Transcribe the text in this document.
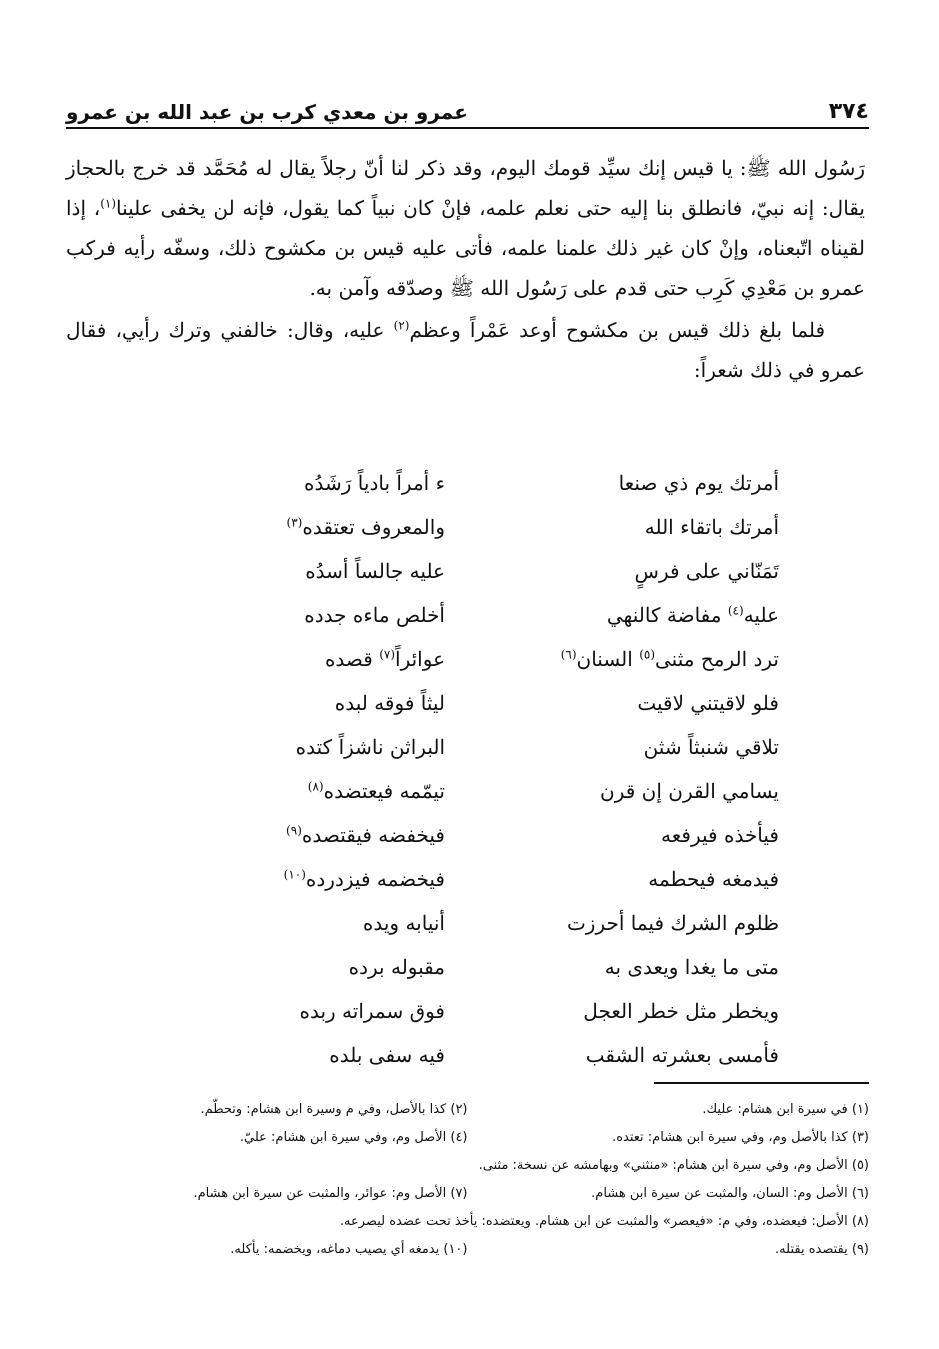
٣٧٤
عمرو بن معدي كرب بن عبد الله بن عمرو

رَسُول الله ﷺ: يا قيس إنك سيِّد قومك اليوم، وقد ذكر لنا أنّ رجلاً يقال له مُحَمَّد قد خرج بالحجاز يقال: إنه نبيّ، فانطلق بنا إليه حتى نعلم علمه، فإنْ كان نبياً كما يقول، فإنه لن يخفى علينا$^{(١)}$، إذا لقيناه اتّبعناه، وإنْ كان غير ذلك علمنا علمه، فأتى عليه قيس بن مكشوح ذلك، وسفّه رأيه فركب عمرو بن مَعْدِي كَرِب حتى قدم على رَسُول الله ﷺ وصدّقه وآمن به.

فلما بلغ ذلك قيس بن مكشوح أوعد عَمْراً وعظم$^{(٢)}$ عليه، وقال: خالفني وترك رأيي، فقال عمرو في ذلك شعراً:

أمرتك يوم ذي صنعا
ء أمراً بادياً رَشَدُه
أمرتك باتقاء الله
والمعروف تعتقده$^{(٣)}$
تَمَنّاني على فرسٍ
عليه جالساً أسدُه
عليه$^{(٤)}$ مفاضة كالنهي
أخلص ماءه جدده
ترد الرمح مثنى$^{(٥)}$ السنان$^{(٦)}$
عوائراً$^{(٧)}$ قصده
فلو لاقيتني لاقيت
ليثاً فوقه لبده
تلاقي شنبثاً شثن
البراثن ناشزاً كتده
يسامي القرن إن قرن
تيمّمه فيعتضده$^{(٨)}$
فيأخذه فيرفعه
فيخفضه فيقتصده$^{(٩)}$
فيدمغه فيحطمه
فيخضمه فيزدرده$^{(١٠)}$
ظلوم الشرك فيما أحرزت
أنيابه ويده
متى ما يغدا ويعدى به
مقبوله برده
ويخطر مثل خطر العجل
فوق سمراته ربده
فأمسى بعشرته الشقب
فيه سفى بلده
(١) في سيرة ابن هشام: عليك.
(٢) كذا بالأصل، وفي م وسيرة ابن هشام: وتحطّم.
(٣) كذا بالأصل وم، وفي سيرة ابن هشام: تعتده.
(٤) الأصل وم، وفي سيرة ابن هشام: عليّ.
(٥) الأصل وم، وفي سيرة ابن هشام: «منثني» وبهامشه عن نسخة: مثنى.
(٦) الأصل وم: السان، والمثبت عن سيرة ابن هشام.
(٧) الأصل وم: عوائر، والمثبت عن سيرة ابن هشام.
(٨) الأصل: فيعضده، وفي م: «فيعصر» والمثبت عن ابن هشام. ويعتضده: يأخذ تحت عضده ليصرعه.
(٩) يقتصده يقتله.
(١٠) يدمغه أي يصيب دماغه، ويخضمه: يأكله.
